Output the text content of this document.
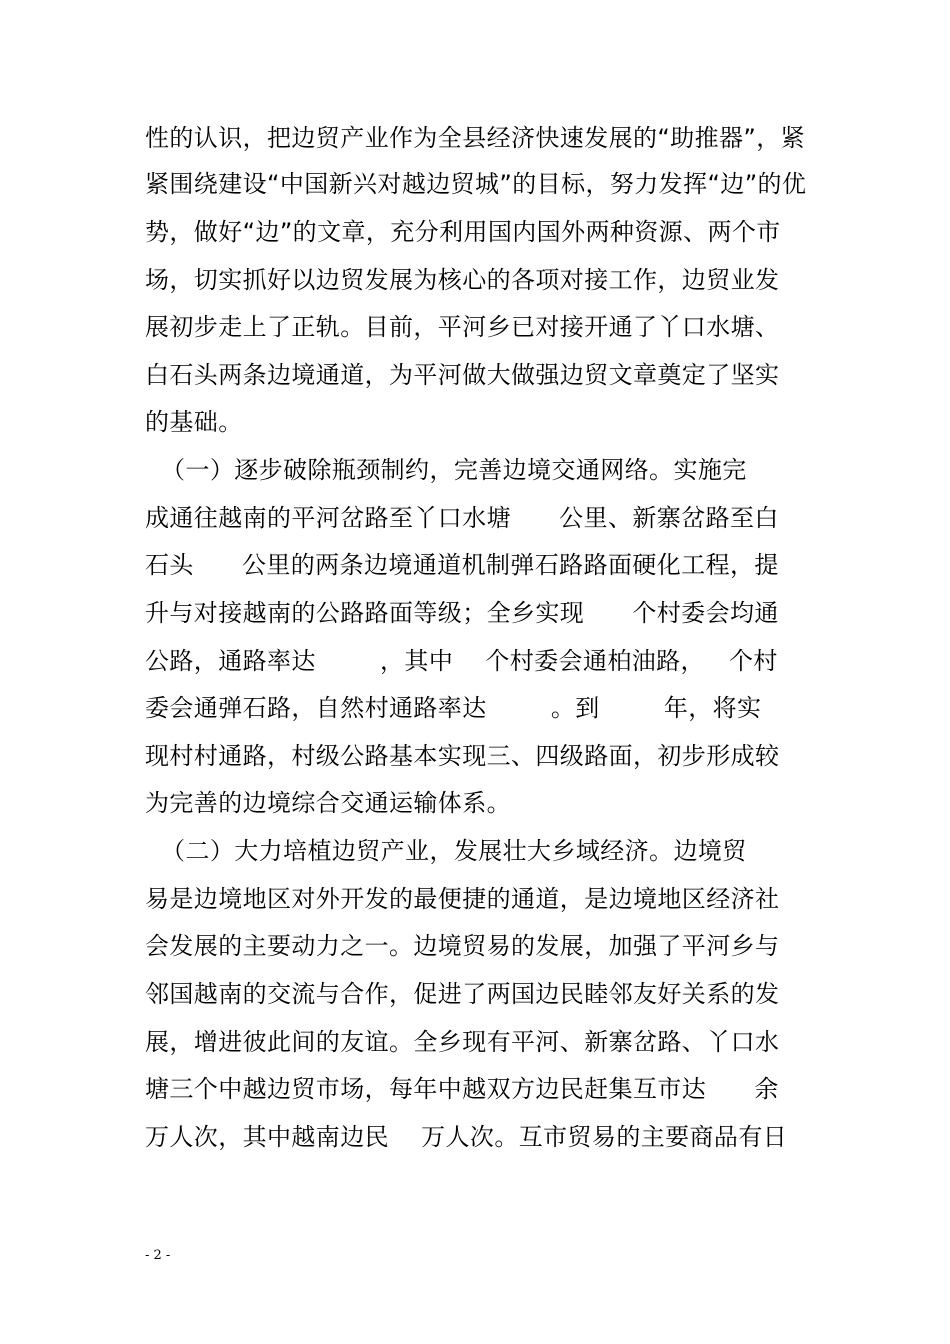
性的认识，把边贸产业作为全县经济快速发展的“助推器”，紧
紧围绕建设“中国新兴对越边贸城”的目标，努力发挥“边”的优
势，做好“边”的文章，充分利用国内国外两种资源、两个市
场，切实抓好以边贸发展为核心的各项对接工作，边贸业发
展初步走上了正轨。目前，平河乡已对接开通了丫口水塘、
白石头两条边境通道，为平河做大做强边贸文章奠定了坚实
的基础。
（一）逐步破除瓶颈制约，完善边境交通网络。实施完
成通往越南的平河岔路至丫口水塘      公里、新寨岔路至白
石头      公里的两条边境通道机制弹石路路面硬化工程，提
升与对接越南的公路路面等级；全乡实现      个村委会均通
公路，通路率达        ，其中    个村委会通柏油路，   个村
委会通弹石路，自然村通路率达        。到        年，将实
现村村通路，村级公路基本实现三、四级路面，初步形成较
为完善的边境综合交通运输体系。
（二）大力培植边贸产业，发展壮大乡域经济。边境贸
易是边境地区对外开发的最便捷的通道，是边境地区经济社
会发展的主要动力之一。边境贸易的发展，加强了平河乡与
邻国越南的交流与合作，促进了两国边民睦邻友好关系的发
展，增进彼此间的友谊。全乡现有平河、新寨岔路、丫口水
塘三个中越边贸市场，每年中越双方边民赶集互市达      余
万人次，其中越南边民    万人次。互市贸易的主要商品有日
- 2 -
